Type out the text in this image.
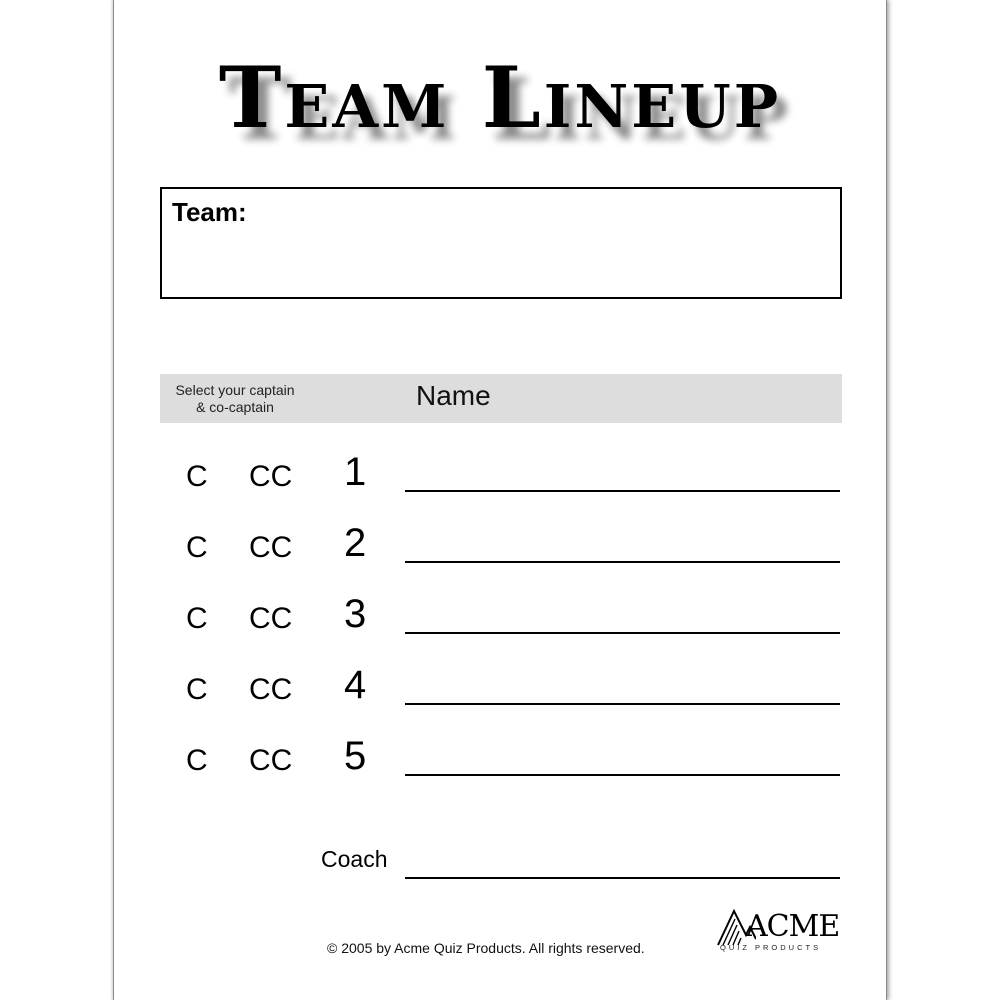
Team Lineup
Team:
Select your captain
& co-captain	Name
C CC 1
C CC 2
C CC 3
C CC 4
C CC 5
Coach
© 2005 by Acme Quiz Products. All rights reserved.
ACME
QUIZ PRODUCTS
